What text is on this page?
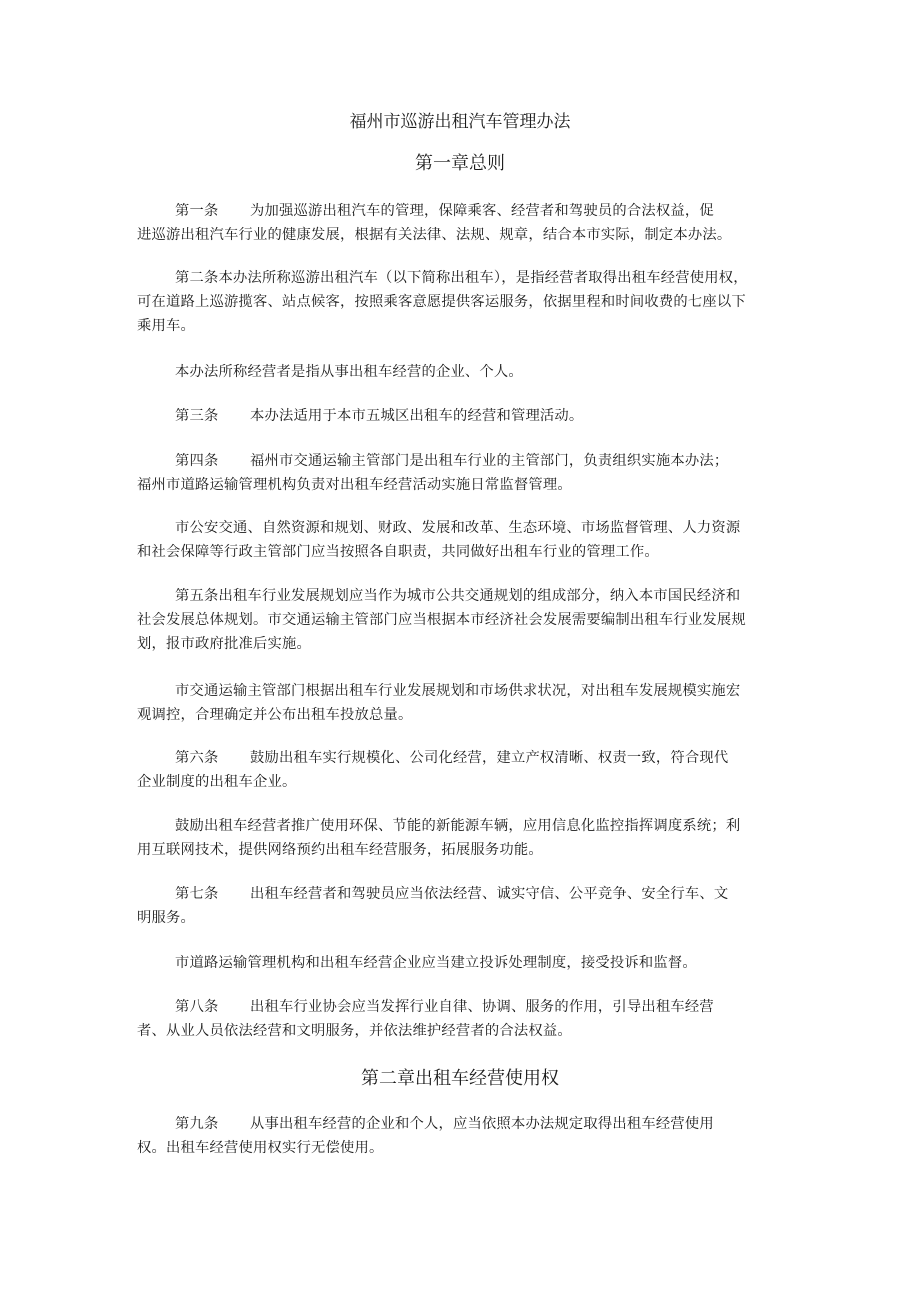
福州市巡游出租汽车管理办法
第一章总则
第一条 为加强巡游出租汽车的管理，保障乘客、经营者和驾驶员的合法权益，促
进巡游出租汽车行业的健康发展，根据有关法律、法规、规章，结合本市实际，制定本办法。
第二条本办法所称巡游出租汽车（以下简称出租车），是指经营者取得出租车经营使用权，
可在道路上巡游揽客、站点候客，按照乘客意愿提供客运服务，依据里程和时间收费的七座以下
乘用车。
本办法所称经营者是指从事出租车经营的企业、个人。
第三条 本办法适用于本市五城区出租车的经营和管理活动。
第四条 福州市交通运输主管部门是出租车行业的主管部门，负责组织实施本办法；
福州市道路运输管理机构负责对出租车经营活动实施日常监督管理。
市公安交通、自然资源和规划、财政、发展和改革、生态环境、市场监督管理、人力资源
和社会保障等行政主管部门应当按照各自职责，共同做好出租车行业的管理工作。
第五条出租车行业发展规划应当作为城市公共交通规划的组成部分，纳入本市国民经济和
社会发展总体规划。市交通运输主管部门应当根据本市经济社会发展需要编制出租车行业发展规
划，报市政府批准后实施。
市交通运输主管部门根据出租车行业发展规划和市场供求状况，对出租车发展规模实施宏
观调控，合理确定并公布出租车投放总量。
第六条 鼓励出租车实行规模化、公司化经营，建立产权清晰、权责一致，符合现代
企业制度的出租车企业。
鼓励出租车经营者推广使用环保、节能的新能源车辆，应用信息化监控指挥调度系统；利
用互联网技术，提供网络预约出租车经营服务，拓展服务功能。
第七条 出租车经营者和驾驶员应当依法经营、诚实守信、公平竞争、安全行车、文
明服务。
市道路运输管理机构和出租车经营企业应当建立投诉处理制度，接受投诉和监督。
第八条 出租车行业协会应当发挥行业自律、协调、服务的作用，引导出租车经营
者、从业人员依法经营和文明服务，并依法维护经营者的合法权益。
第二章出租车经营使用权
第九条 从事出租车经营的企业和个人，应当依照本办法规定取得出租车经营使用
权。出租车经营使用权实行无偿使用。
